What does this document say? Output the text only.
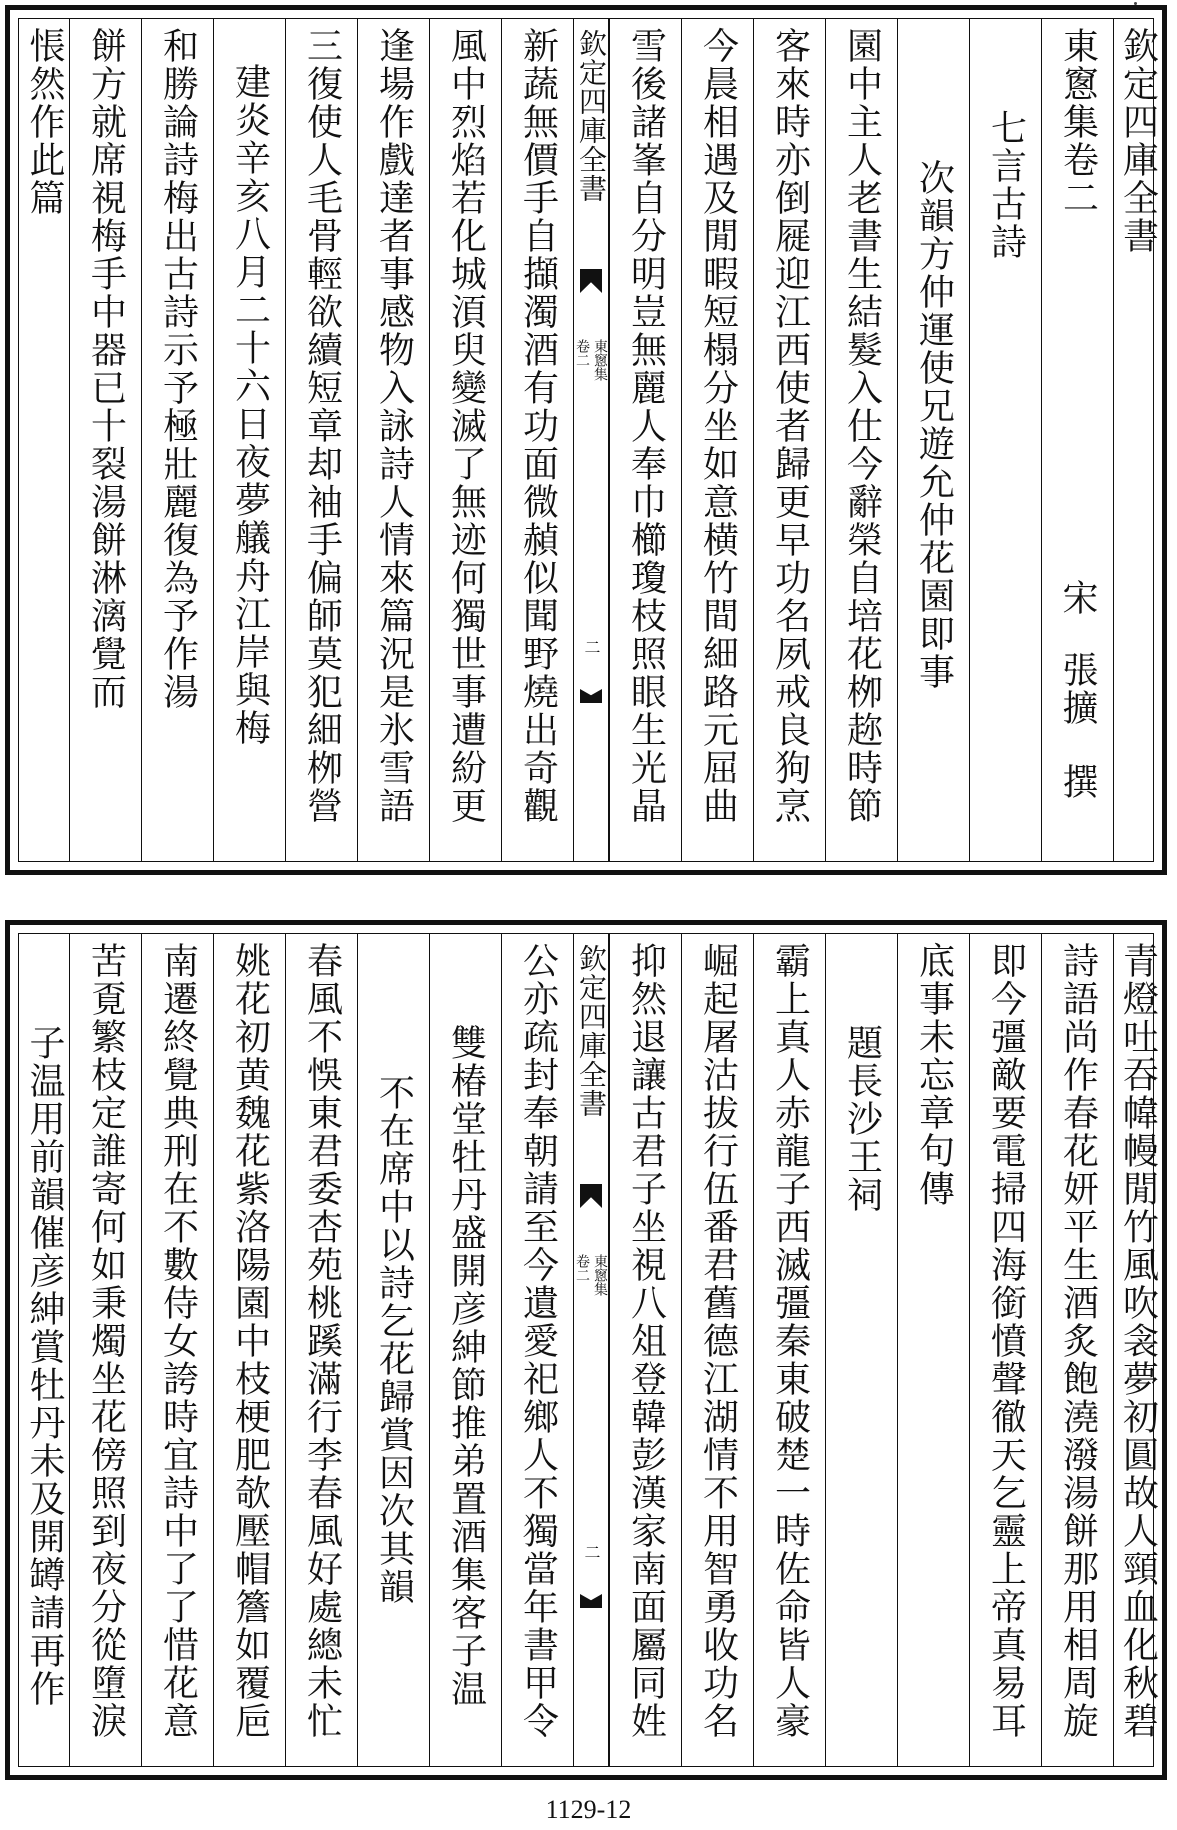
欽定四庫全書
東窻集卷二
宋
張擴
撰
七言古詩
次韻方仲運使兄遊允仲花園即事
園中主人老書生結髮入仕今辭榮自培花栁趂時節
客來時亦倒屣迎江西使者歸更早功名夙戒良狗烹
今晨相遇及閒暇短榻分坐如意横竹間細路元屈曲
雪後諸峯自分明豈無麗人奉巾櫛瓊枝照眼生光晶
欽定四庫全書
卷二 東窻集
二
新蔬無價手自擷濁酒有功面微赬似聞野燒出奇觀
風中烈焰若化城湏臾變滅了無迹何獨世事遭紛更
逢場作戲達者事感物入詠詩人情來篇況是氷雪語
三復使人毛骨輕欲續短章却袖手偏師莫犯細栁營
建炎辛亥八月二十六日夜夢艤舟江岸與梅
和勝論詩梅出古詩示予極壯麗復為予作湯
餅方就席視梅手中器已十裂湯餅淋漓覺而
悵然作此篇
青燈吐吞幃幔閒竹風吹衾夢初圓故人頸血化秋碧
詩語尚作春花妍平生酒炙飽澆潑湯餅那用相周旋
即今彊敵要電掃四海銜憤聲徹天乞靈上帝真易耳
底事未忘章句傳
題長沙王祠
霸上真人赤龍子西滅彊秦東破楚一時佐命皆人豪
崛起屠沽拔行伍番君舊德江湖情不用智勇收功名
抑然退讓古君子坐視八俎登韓彭漢家南面屬同姓
欽定四庫全書
卷二 東窻集
二
公亦疏封奉朝請至今遺愛祀鄉人不獨當年書甲令
雙椿堂牡丹盛開彦紳節推弟置酒集客子温
不在席中以詩乞花歸賞因次其韻
春風不悞東君委杏苑桃蹊滿行李春風好處總未忙
姚花初黄魏花紫洛陽園中枝梗肥欹壓帽簷如覆巵
南遷終覺典刑在不數侍女誇時宜詩中了了惜花意
苦覔繁枝定誰寄何如秉燭坐花傍照到夜分從墮淚
子温用前韻催彦紳賞牡丹未及開罇請再作
1129-12
